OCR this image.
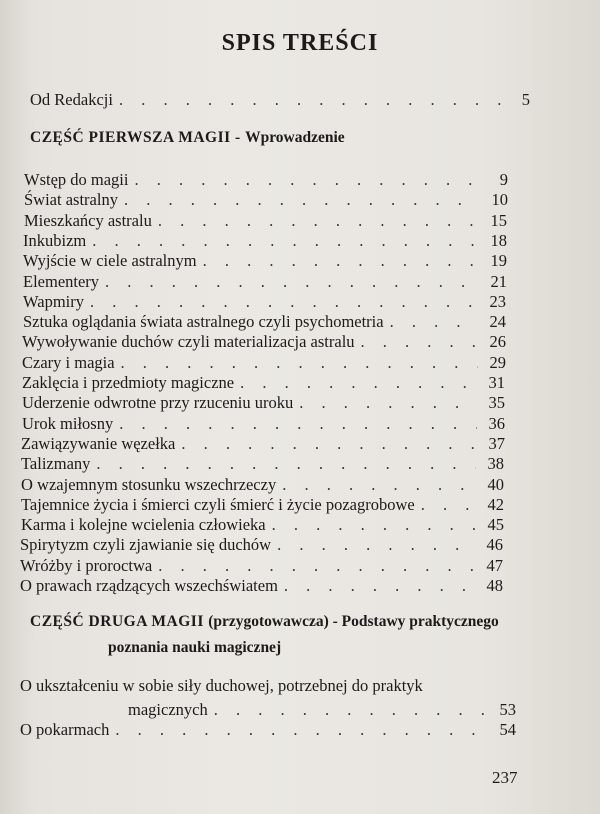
SPIS TREŚCI
Od Redakcji . . .	5
CZĘŚĆ PIERWSZA MAGII - Wprowadzenie
Wstęp do magii . . .	9
Świat astralny . . .	10
Mieszkańcy astralu . . .	15
Inkubizm . . .	18
Wyjście w ciele astralnym . . .	19
Elementery . . .	21
Wapmiry . . .	23
Sztuka oglądania świata astralnego czyli psychometria . . .	24
Wywoływanie duchów czyli materializacja astralu . . .	26
Czary i magia . . .	29
Zaklęcia i przedmioty magiczne . . .	31
Uderzenie odwrotne przy rzuceniu uroku . . .	35
Urok miłosny . . .	36
Zawiązywanie węzełka . . .	37
Talizmany . . .	38
O wzajemnym stosunku wszechrzeczy . . .	40
Tajemnice życia i śmierci czyli śmierć i życie pozagrobowe . . .	42
Karma i kolejne wcielenia człowieka . . .	45
Spirytyzm czyli zjawianie się duchów . . .	46
Wróżby i proroctwa . . .	47
O prawach rządzących wszechświatem . . .	48
CZĘŚĆ DRUGA MAGII (przygotowawcza) - Podstawy praktycznego
poznania nauki magicznej
O ukształceniu w sobie siły duchowej, potrzebnej do praktyk
magicznych . . .	53
O pokarmach . . .	54
237
